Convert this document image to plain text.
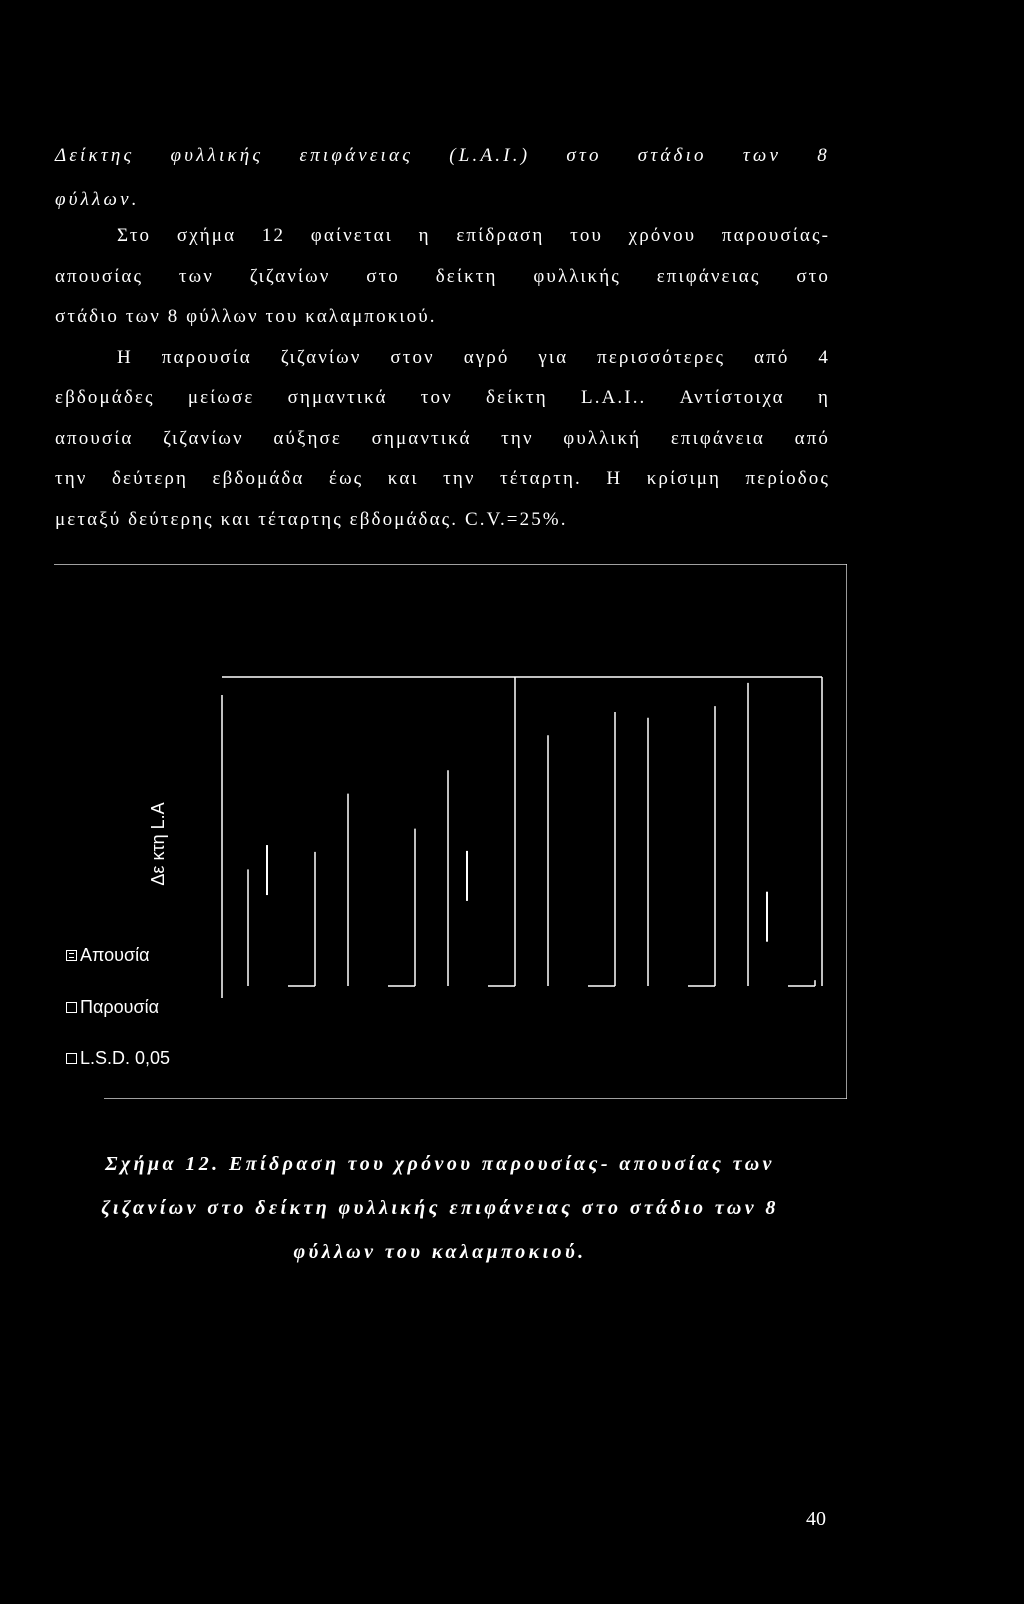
Δείκτης φυλλικής επιφάνειας (L.A.I.) στο στάδιο των 8
φύλλων.
Στο σχήμα 12 φαίνεται η επίδραση του χρόνου παρουσίας-
απουσίας των ζιζανίων στο δείκτη φυλλικής επιφάνειας στο
στάδιο των 8 φύλλων του καλαμποκιού.
Η παρουσία ζιζανίων στον αγρό για περισσότερες από 4
εβδομάδες μείωσε σημαντικά τον δείκτη L.A.I.. Αντίστοιχα η
απουσία ζιζανίων αύξησε σημαντικά την φυλλική επιφάνεια από
την δεύτερη εβδομάδα έως και την τέταρτη. Η κρίσιμη περίοδος
μεταξύ δεύτερης και τέταρτης εβδομάδας. C.V.=25%.
Δε κτη L.A
Απουσία
Παρουσία
L.S.D. 0,05
Σχήμα 12. Επίδραση του χρόνου παρουσίας- απουσίας των
ζιζανίων στο δείκτη φυλλικής επιφάνειας στο στάδιο των 8
φύλλων του καλαμποκιού.
40
